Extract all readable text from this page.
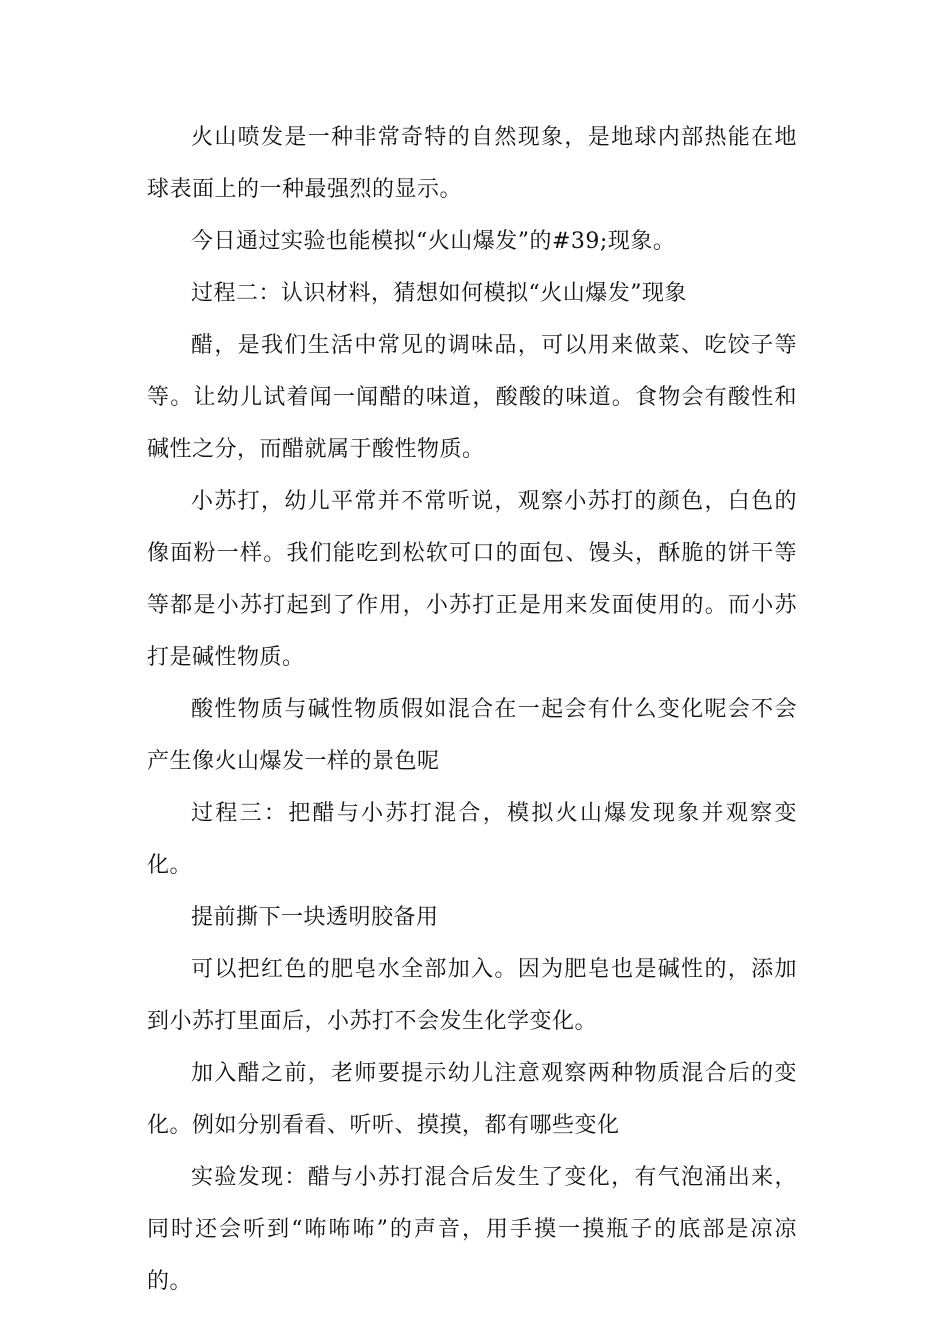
火山喷发是一种非常奇特的自然现象，是地球内部热能在地球表面上的一种最强烈的显示。

今日通过实验也能模拟“火山爆发”的#39;现象。

过程二：认识材料，猜想如何模拟“火山爆发”现象

醋，是我们生活中常见的调味品，可以用来做菜、吃饺子等等。让幼儿试着闻一闻醋的味道，酸酸的味道。食物会有酸性和碱性之分，而醋就属于酸性物质。

小苏打，幼儿平常并不常听说，观察小苏打的颜色，白色的像面粉一样。我们能吃到松软可口的面包、馒头，酥脆的饼干等等都是小苏打起到了作用，小苏打正是用来发面使用的。而小苏打是碱性物质。

酸性物质与碱性物质假如混合在一起会有什么变化呢会不会产生像火山爆发一样的景色呢

过程三：把醋与小苏打混合，模拟火山爆发现象并观察变化。

提前撕下一块透明胶备用

可以把红色的肥皂水全部加入。因为肥皂也是碱性的，添加到小苏打里面后，小苏打不会发生化学变化。

加入醋之前，老师要提示幼儿注意观察两种物质混合后的变化。例如分别看看、听听、摸摸，都有哪些变化

实验发现：醋与小苏打混合后发生了变化，有气泡涌出来，同时还会听到“咘咘咘”的声音，用手摸一摸瓶子的底部是凉凉的。
